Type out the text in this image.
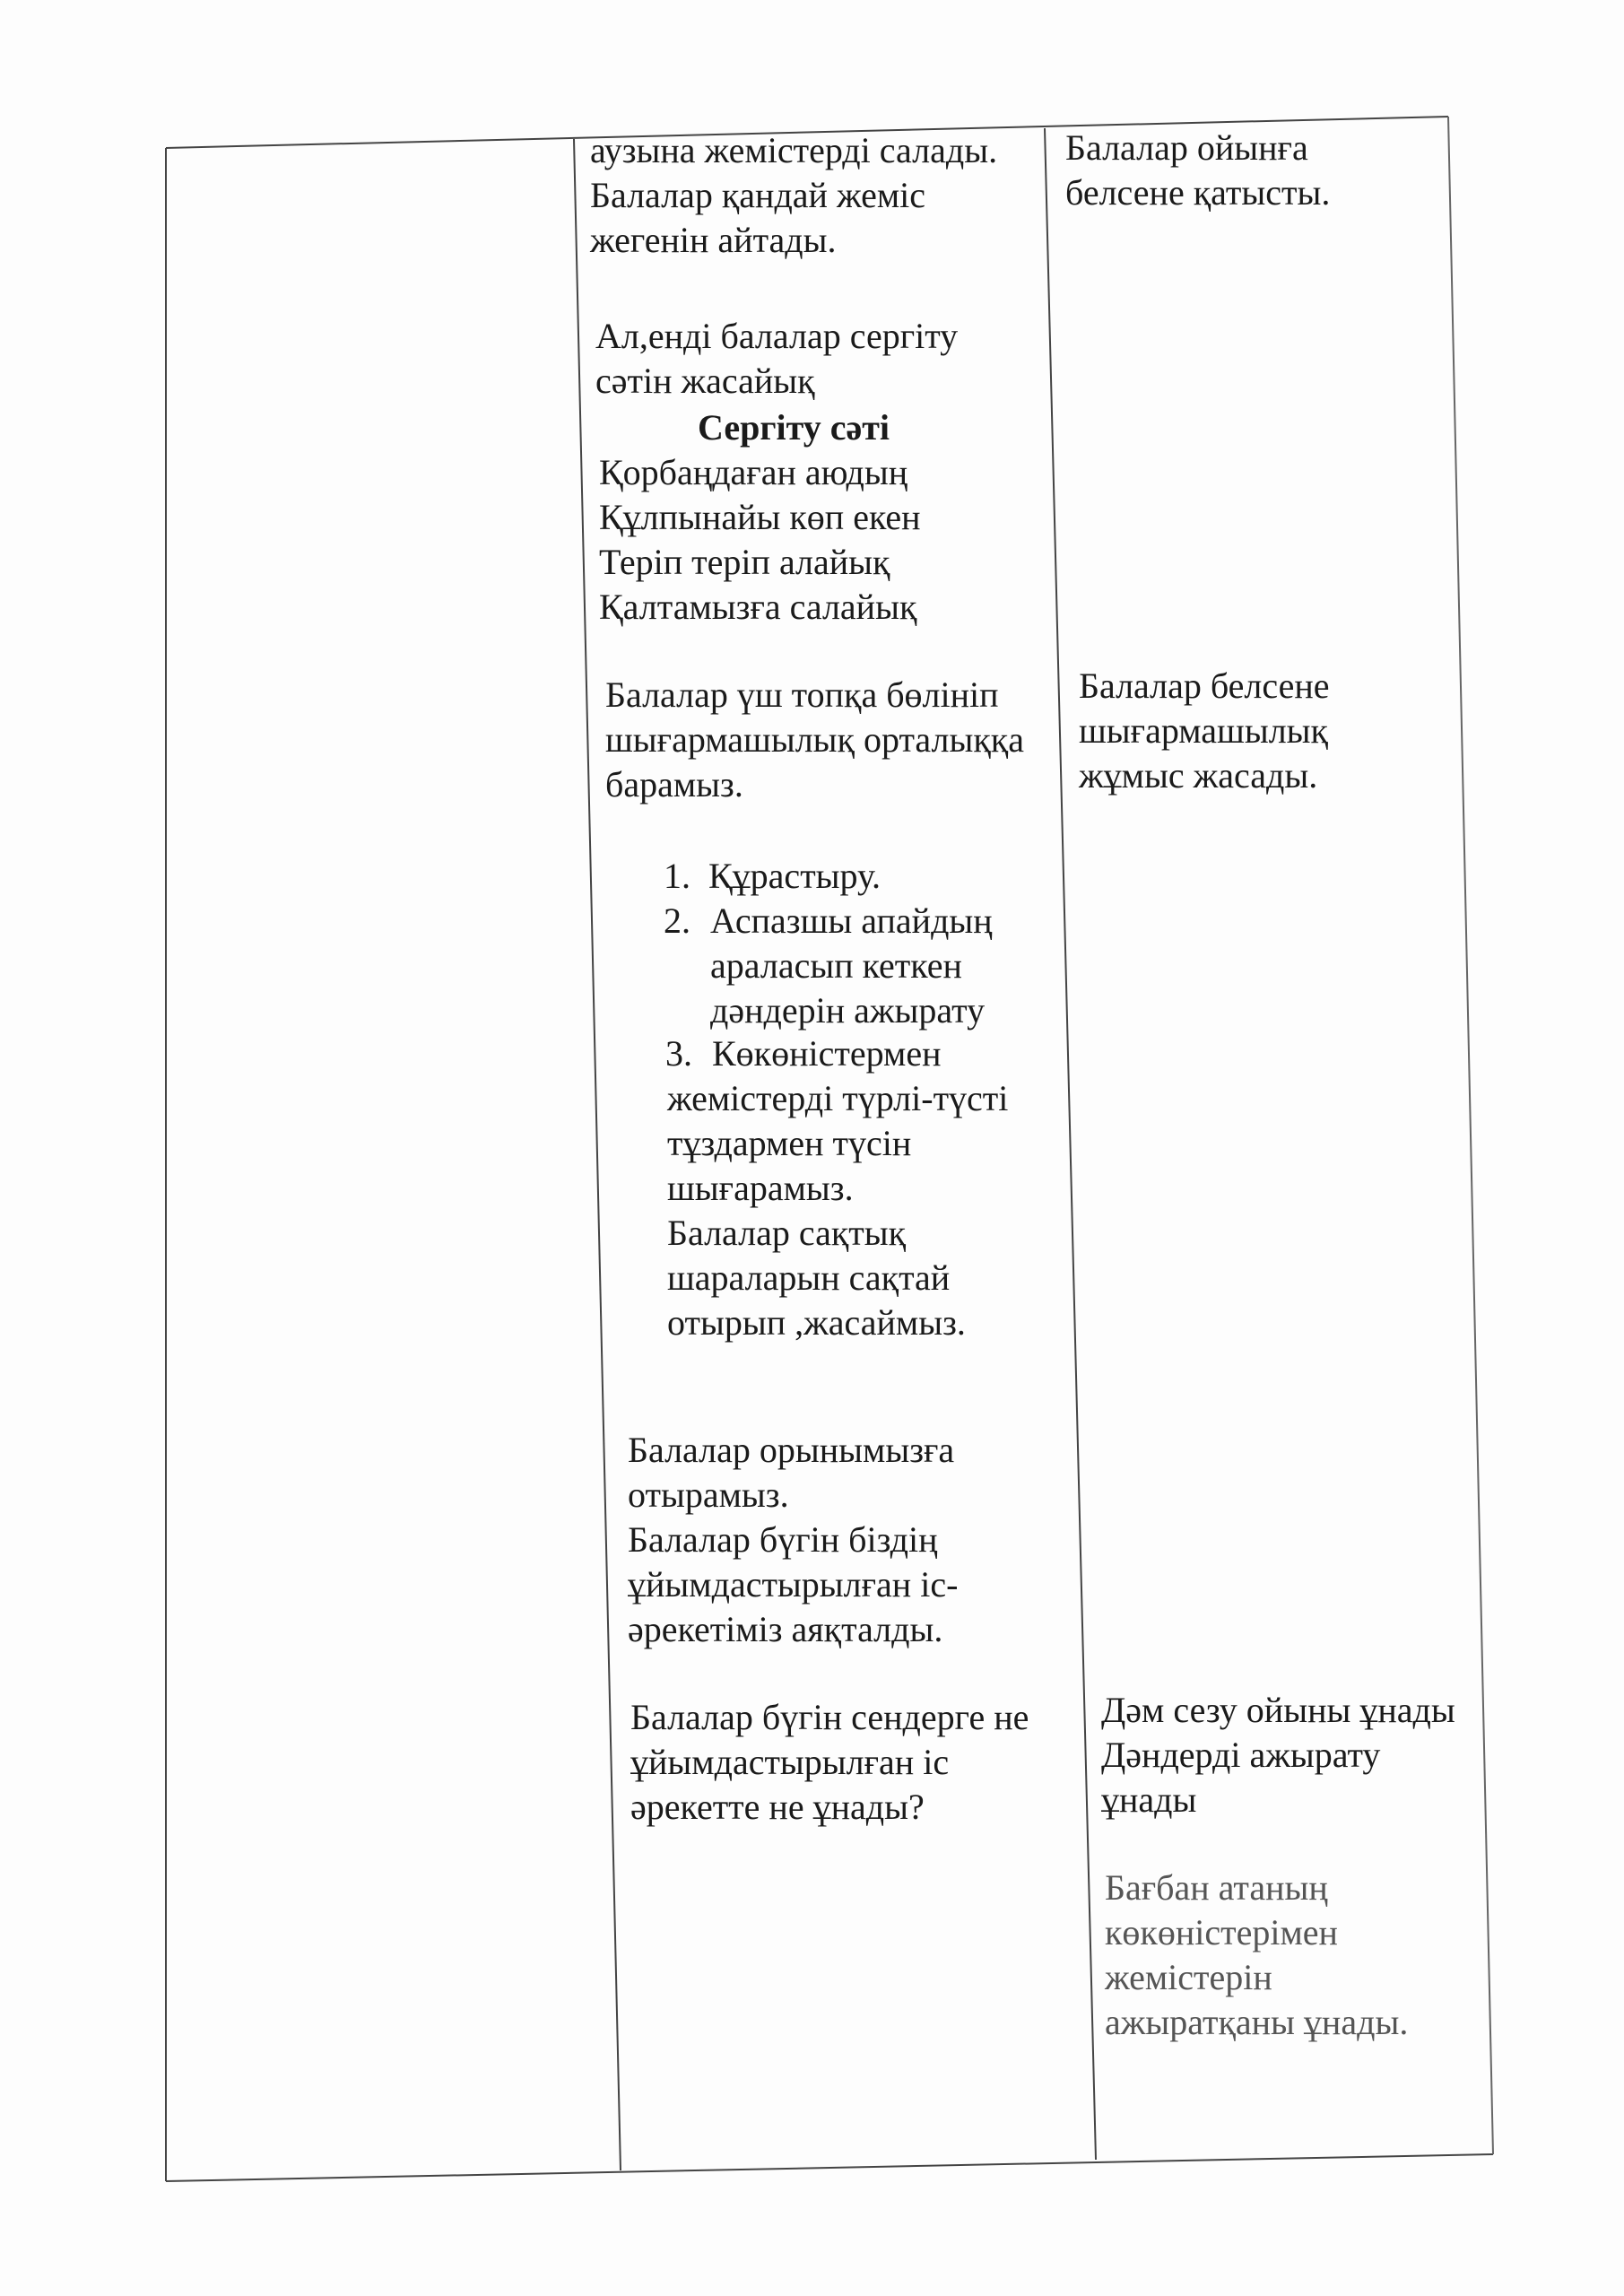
аузына жемістерді салады.
Балалар қандай жеміс
жегенін айтады.
Ал,енді балалар сергіту
сәтін жасайық
Сергіту сәті
Қорбаңдаған аюдың
Құлпынайы көп екен
Теріп теріп алайық
Қалтамызға салайық
Балалар үш топқа бөлініп
шығармашылық орталыққа
барамыз.
1. Құрастыру.
2. Аспазшы апайдың
араласып кеткен
дәндерін ажырату
3. Көкөністермен
жемістерді түрлі-түсті
тұздармен түсін
шығарамыз.
Балалар сақтық
шараларын сақтай
отырып ,жасаймыз.
Балалар орынымызға
отырамыз.
Балалар бүгін біздің
ұйымдастырылған іс-
әрекетіміз аяқталды.
Балалар бүгін сендерге не
ұйымдастырылған іс
әрекетте не ұнады?
Балалар ойынға
белсене қатысты.
Балалар белсене
шығармашылық
жұмыс жасады.
Дәм сезу ойыны ұнады
Дәндерді ажырату
ұнады
Бағбан атаның
көкөністерімен
жемістерін
ажыратқаны ұнады.
